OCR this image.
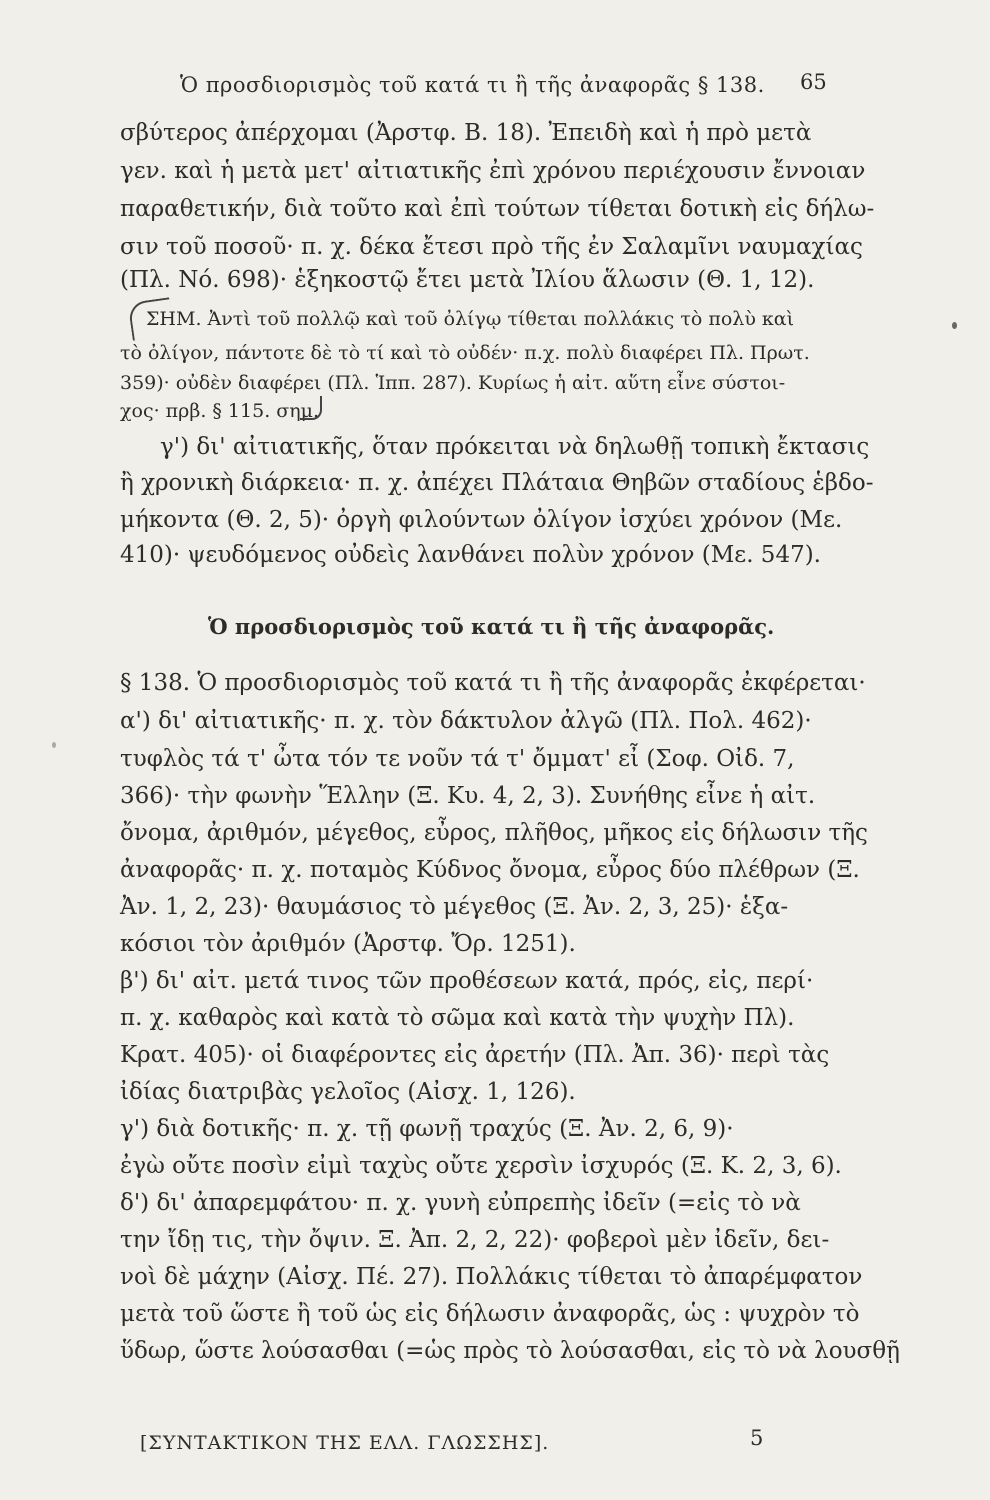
Ὁ προσδιορισμὸς τοῦ κατά τι ἢ τῆς ἀναφορᾶς § 138. 65
σβύτερος ἀπέρχομαι (Ἀρστφ. Β. 18). Ἐπειδὴ καὶ ἡ πρὸ μετὰ
γεν. καὶ ἡ μετὰ μετ' αἰτιατικῆς ἐπὶ χρόνου περιέχουσιν ἔννοιαν
παραθετικήν, διὰ τοῦτο καὶ ἐπὶ τούτων τίθεται δοτικὴ εἰς δήλω-
σιν τοῦ ποσοῦ· π. χ. δέκα ἔτεσι πρὸ τῆς ἐν Σαλαμῖνι ναυμαχίας
(Πλ. Νό. 698)· ἑξηκοστῷ ἔτει μετὰ Ἰλίου ἅλωσιν (Θ. 1, 12).
ΣΗΜ. Ἀντὶ τοῦ πολλῷ καὶ τοῦ ὀλίγῳ τίθεται πολλάκις τὸ πολὺ καὶ
τὸ ὀλίγον, πάντοτε δὲ τὸ τί καὶ τὸ οὐδέν· π.χ. πολὺ διαφέρει Πλ. Πρωτ.
359)· οὐδὲν διαφέρει (Πλ. Ἱππ. 287). Κυρίως ἡ αἰτ. αὕτη εἶνε σύστοι-
χος· πρβ. § 115. σημ.
γ') δι' αἰτιατικῆς, ὅταν πρόκειται νὰ δηλωθῇ τοπικὴ ἔκτασις
ἢ χρονικὴ διάρκεια· π. χ. ἀπέχει Πλάταια Θηβῶν σταδίους ἑβδο-
μήκοντα (Θ. 2, 5)· ὀργὴ φιλούντων ὀλίγον ἰσχύει χρόνον (Με.
410)· ψευδόμενος οὐδεὶς λανθάνει πολὺν χρόνον (Με. 547).
Ὁ προσδιορισμὸς τοῦ κατά τι ἢ τῆς ἀναφορᾶς.
§ 138. Ὁ προσδιορισμὸς τοῦ κατά τι ἢ τῆς ἀναφορᾶς ἐκφέρεται·
α') δι' αἰτιατικῆς· π. χ. τὸν δάκτυλον ἀλγῶ (Πλ. Πολ. 462)·
τυφλὸς τά τ' ὦτα τόν τε νοῦν τά τ' ὄμματ' εἶ (Σοφ. Οἰδ. 7,
366)· τὴν φωνὴν Ἕλλην (Ξ. Κυ. 4, 2, 3). Συνήθης εἶνε ἡ αἰτ.
ὄνομα, ἀριθμόν, μέγεθος, εὖρος, πλῆθος, μῆκος εἰς δήλωσιν τῆς
ἀναφορᾶς· π. χ. ποταμὸς Κύδνος ὄνομα, εὖρος δύο πλέθρων (Ξ.
Ἀν. 1, 2, 23)· θαυμάσιος τὸ μέγεθος (Ξ. Ἀν. 2, 3, 25)· ἑξα-
κόσιοι τὸν ἀριθμόν (Ἀρστφ. Ὄρ. 1251).
β') δι' αἰτ. μετά τινος τῶν προθέσεων κατά, πρός, εἰς, περί·
π. χ. καθαρὸς καὶ κατὰ τὸ σῶμα καὶ κατὰ τὴν ψυχὴν Πλ).
Κρατ. 405)· οἱ διαφέροντες εἰς ἀρετήν (Πλ. Ἀπ. 36)· περὶ τὰς
ἰδίας διατριβὰς γελοῖος (Αἰσχ. 1, 126).
γ') διὰ δοτικῆς· π. χ. τῇ φωνῇ τραχύς (Ξ. Ἀν. 2, 6, 9)·
ἐγὼ οὔτε ποσὶν εἰμὶ ταχὺς οὔτε χερσὶν ἰσχυρός (Ξ. Κ. 2, 3, 6).
δ') δι' ἀπαρεμφάτου· π. χ. γυνὴ εὐπρεπὴς ἰδεῖν (=εἰς τὸ νὰ
την ἴδῃ τις, τὴν ὄψιν. Ξ. Ἀπ. 2, 2, 22)· φοβεροὶ μὲν ἰδεῖν, δει-
νοὶ δὲ μάχην (Αἰσχ. Πέ. 27). Πολλάκις τίθεται τὸ ἀπαρέμφατον
μετὰ τοῦ ὥστε ἢ τοῦ ὡς εἰς δήλωσιν ἀναφορᾶς, ὡς : ψυχρὸν τὸ
ὕδωρ, ὥστε λούσασθαι (=ὡς πρὸς τὸ λούσασθαι, εἰς τὸ νὰ λουσθῇ
[ΣΥΝΤΑΚΤΙΚΟΝ ΤΗΣ ΕΛΛ. ΓΛΩΣΣΗΣ].	5
